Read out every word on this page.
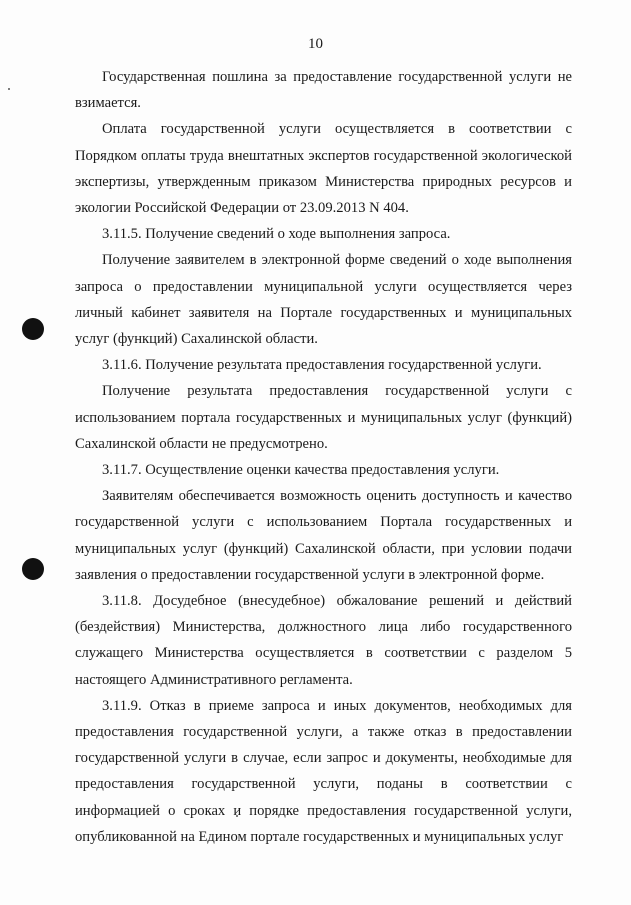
10

Государственная пошлина за предоставление государственной услуги не взимается.

Оплата государственной услуги осуществляется в соответствии с Порядком оплаты труда внештатных экспертов государственной экологической экспертизы, утвержденным приказом Министерства природных ресурсов и экологии Российской Федерации от 23.09.2013 N 404.

3.11.5. Получение сведений о ходе выполнения запроса.

Получение заявителем в электронной форме сведений о ходе выполнения запроса о предоставлении муниципальной услуги осуществляется через личный кабинет заявителя на Портале государственных и муниципальных услуг (функций) Сахалинской области.

3.11.6. Получение результата предоставления государственной услуги.

Получение результата предоставления государственной услуги с использованием портала государственных и муниципальных услуг (функций) Сахалинской области не предусмотрено.

3.11.7. Осуществление оценки качества предоставления услуги.

Заявителям обеспечивается возможность оценить доступность и качество государственной услуги с использованием Портала государственных и муниципальных услуг (функций) Сахалинской области, при условии подачи заявления о предоставлении государственной услуги в электронной форме.

3.11.8. Досудебное (внесудебное) обжалование решений и действий (бездействия) Министерства, должностного лица либо государственного служащего Министерства осуществляется в соответствии с разделом 5 настоящего Административного регламента.

3.11.9. Отказ в приеме запроса и иных документов, необходимых для предоставления государственной услуги, а также отказ в предоставлении государственной услуги в случае, если запрос и документы, необходимые для предоставления государственной услуги, поданы в соответствии с информацией о сроках и порядке предоставления государственной услуги, опубликованной на Едином портале государственных и муниципальных услуг
